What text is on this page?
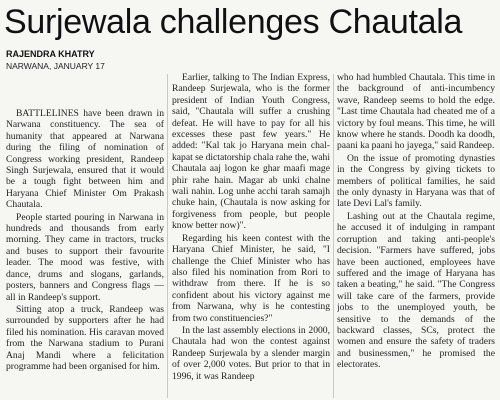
Surjewala challenges Chautala
RAJENDRA KHATRY
NARWANA, JANUARY 17

BATTLELINES have been drawn in Narwana constituency. The sea of humanity that appeared at Narwana during the filing of nomination of Congress working president, Randeep Singh Surjewala, ensured that it would be a tough fight between him and Haryana Chief Minister Om Prakash Chautala.

People started pouring in Narwana in hundreds and thousands from early morning. They came in tractors, trucks and buses to support their favourite leader. The mood was festive, with dance, drums and slogans, garlands, posters, banners and Congress flags — all in Randeep's support.

Sitting atop a truck, Randeep was surrounded by supporters after he had filed his nomination. His caravan moved from the Narwana stadium to Purani Anaj Mandi where a felicitation programme had been organised for him.

Earlier, talking to The Indian Express, Randeep Surjewala, who is the former president of Indian Youth Congress, said, "Chautala will suffer a crushing defeat. He will have to pay for all his excesses these past few years." He added: "Kal tak jo Haryana mein chal-kapat se dictatorship chala rahe the, wahi Chautala aaj logon ke ghar maafi mage phir rahe hain. Magar ab unki chalne wali nahin. Log unhe acchi tarah samajh chuke hain, (Chautala is now asking for forgiveness from people, but people know better now)".

Regarding his keen contest with the Haryana Chief Minister, he said, "I challenge the Chief Minister who has also filed his nomination from Rori to withdraw from there. If he is so confident about his victory against me from Narwana, why is he contesting from two constituencies?"

In the last assembly elections in 2000, Chautala had won the contest against Randeep Surjewala by a slender margin of over 2,000 votes. But prior to that in 1996, it was Randeep

who had humbled Chautala. This time in the background of anti-incumbency wave, Randeep seems to hold the edge. "Last time Chautala had cheated me of a victory by foul means. This time, he will know where he stands. Doodh ka doodh, paani ka paani ho jayega," said Randeep.

On the issue of promoting dynasties in the Congress by giving tickets to members of political families, he said the only dynasty in Haryana was that of late Devi Lal's family.

Lashing out at the Chautala regime, he accused it of indulging in rampant corruption and taking anti-people's decision. "Farmers have suffered, jobs have been auctioned, employees have suffered and the image of Haryana has taken a beating," he said. "The Congress will take care of the farmers, provide jobs to the unemployed youth, be sensitive to the demands of the backward classes, SCs, protect the women and ensure the safety of traders and businessmen," he promised the electorates.
